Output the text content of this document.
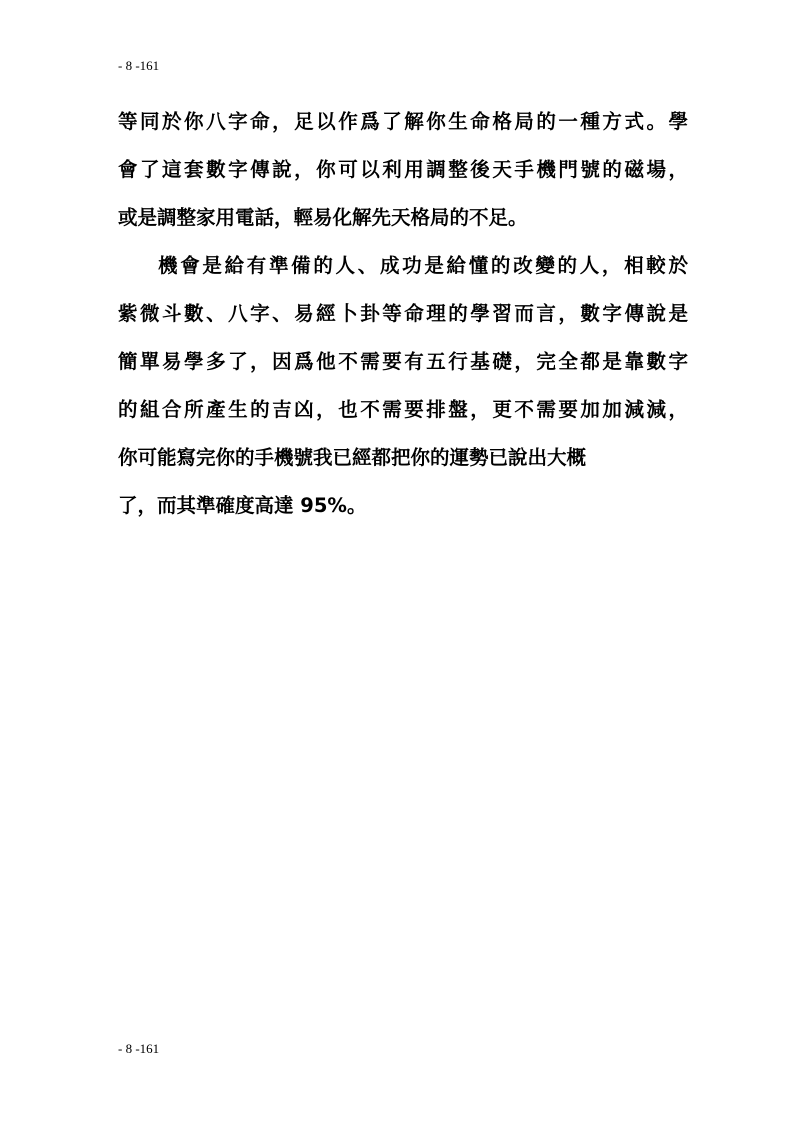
- 8 -161
等同於你八字命，足以作爲了解你生命格局的一種方式。學
會了這套數字傳說，你可以利用調整後天手機門號的磁場，
或是調整家用電話，輕易化解先天格局的不足。
機會是給有準備的人、成功是給懂的改變的人，相較於
紫微斗數、八字、易經卜卦等命理的學習而言，數字傳說是
簡單易學多了，因爲他不需要有五行基礎，完全都是靠數字
的組合所產生的吉凶，也不需要排盤，更不需要加加減減，
你可能寫完你的手機號我已經都把你的運勢已說出大概
了，而其準確度高達 95%。
- 8 -161
